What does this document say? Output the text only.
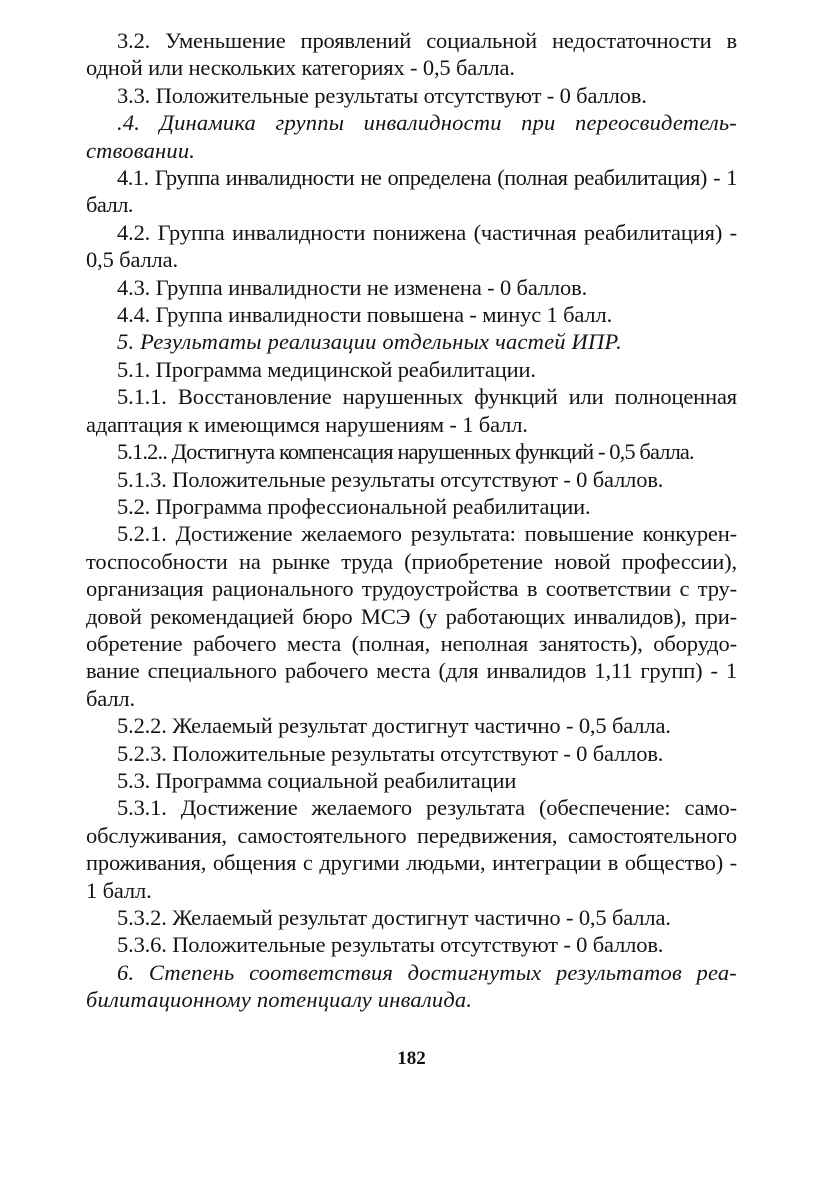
3.2. Уменьшение проявлений социальной недостаточности в одной или нескольких категориях - 0,5 балла.

3.3. Положительные результаты отсутствуют - 0 баллов.

.4. Динамика группы инвалидности при переосвидетель-ствовании.

4.1. Группа инвалидности не определена (полная реабилитация) - 1 балл.

4.2. Группа инвалидности понижена (частичная реабилитация) - 0,5 балла.

4.3. Группа инвалидности не изменена - 0 баллов.

4.4. Группа инвалидности повышена - минус 1 балл.

5. Результаты реализации отдельных частей ИПР.

5.1. Программа медицинской реабилитации.

5.1.1. Восстановление нарушенных функций или полноценная адаптация к имеющимся нарушениям - 1 балл.

5.1.2.. Достигнута компенсация нарушенных функций - 0,5 балла.

5.1.3. Положительные результаты отсутствуют - 0 баллов.

5.2. Программа профессиональной реабилитации.

5.2.1. Достижение желаемого результата: повышение конкурен-тоспособности на рынке труда (приобретение новой профессии), организация рационального трудоустройства в соответствии с тру-довой рекомендацией бюро МСЭ (у работающих инвалидов), при-обретение рабочего места (полная, неполная занятость), оборудо-вание специального рабочего места (для инвалидов 1,11 групп) - 1 балл.

5.2.2. Желаемый результат достигнут частично - 0,5 балла.

5.2.3. Положительные результаты отсутствуют - 0 баллов.

5.3. Программа социальной реабилитации

5.3.1. Достижение желаемого результата (обеспечение: само-обслуживания, самостоятельного передвижения, самостоятельного проживания, общения с другими людьми, интеграции в общество) - 1 балл.

5.3.2. Желаемый результат достигнут частично - 0,5 балла.

5.3.6. Положительные результаты отсутствуют - 0 баллов.

6. Степень соответствия достигнутых результатов реа-билитационному потенциалу инвалида.

182
